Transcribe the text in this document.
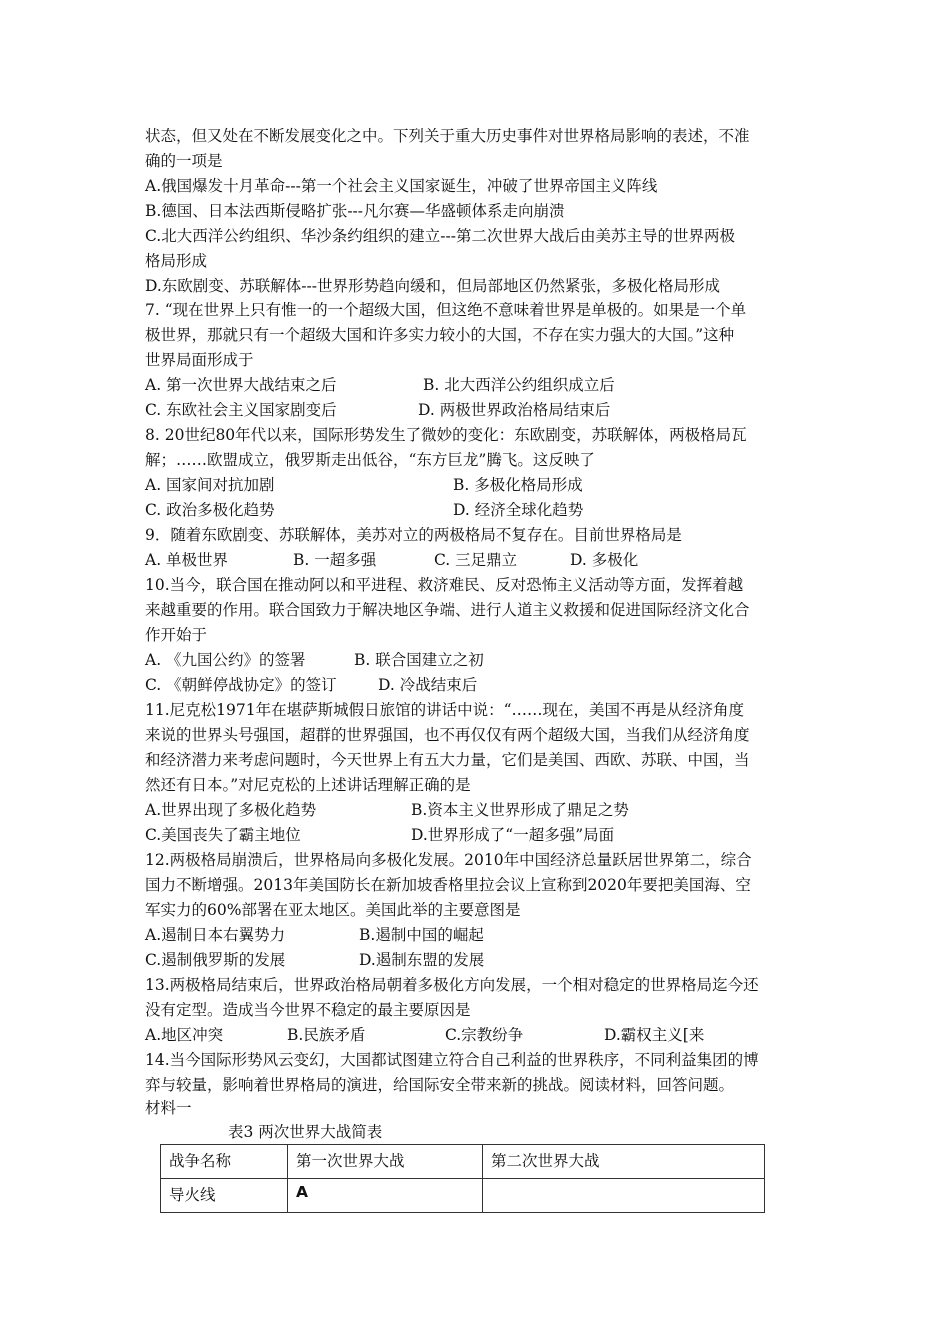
状态，但又处在不断发展变化之中。下列关于重大历史事件对世界格局影响的表述，不准
确的一项是
A.俄国爆发十月革命---第一个社会主义国家诞生，冲破了世界帝国主义阵线
B.德国、日本法西斯侵略扩张---凡尔赛—华盛顿体系走向崩溃
C.北大西洋公约组织、华沙条约组织的建立---第二次世界大战后由美苏主导的世界两极
格局形成
D.东欧剧变、苏联解体---世界形势趋向缓和，但局部地区仍然紧张，多极化格局形成
7. “现在世界上只有惟一的一个超级大国，但这绝不意味着世界是单极的。如果是一个单
极世界，那就只有一个超级大国和许多实力较小的大国，不存在实力强大的大国。”这种
世界局面形成于
A. 第一次世界大战结束之后	B. 北大西洋公约组织成立后
C. 东欧社会主义国家剧变后	D. 两极世界政治格局结束后
8. 20世纪80年代以来，国际形势发生了微妙的变化：东欧剧变，苏联解体，两极格局瓦
解；……欧盟成立，俄罗斯走出低谷，“东方巨龙”腾飞。这反映了
A. 国家间对抗加剧	B. 多极化格局形成
C. 政治多极化趋势	D. 经济全球化趋势
9．随着东欧剧变、苏联解体，美苏对立的两极格局不复存在。目前世界格局是
A. 单极世界	B. 一超多强	C. 三足鼎立	D. 多极化
10.当今，联合国在推动阿以和平进程、救济难民、反对恐怖主义活动等方面，发挥着越
来越重要的作用。联合国致力于解决地区争端、进行人道主义救援和促进国际经济文化合
作开始于
A. 《九国公约》的签署	B. 联合国建立之初
C. 《朝鲜停战协定》的签订	D. 冷战结束后
11.尼克松1971年在堪萨斯城假日旅馆的讲话中说：“……现在，美国不再是从经济角度
来说的世界头号强国，超群的世界强国，也不再仅仅有两个超级大国，当我们从经济角度
和经济潜力来考虑问题时，今天世界上有五大力量，它们是美国、西欧、苏联、中国，当
然还有日本。”对尼克松的上述讲话理解正确的是
A.世界出现了多极化趋势	B.资本主义世界形成了鼎足之势
C.美国丧失了霸主地位	D.世界形成了“一超多强”局面
12.两极格局崩溃后，世界格局向多极化发展。2010年中国经济总量跃居世界第二，综合
国力不断增强。2013年美国防长在新加坡香格里拉会议上宣称到2020年要把美国海、空
军实力的60%部署在亚太地区。美国此举的主要意图是
A.遏制日本右翼势力	B.遏制中国的崛起
C.遏制俄罗斯的发展	D.遏制东盟的发展
13.两极格局结束后，世界政治格局朝着多极化方向发展，一个相对稳定的世界格局迄今还
没有定型。造成当今世界不稳定的最主要原因是
A.地区冲突	B.民族矛盾	C.宗教纷争	D.霸权主义[来
14.当今国际形势风云变幻，大国都试图建立符合自己利益的世界秩序，不同利益集团的博
弈与较量，影响着世界格局的演进，给国际安全带来新的挑战。阅读材料，回答问题。
材料一
表3 两次世界大战简表
战争名称	第一次世界大战	第二次世界大战
导火线	A	
